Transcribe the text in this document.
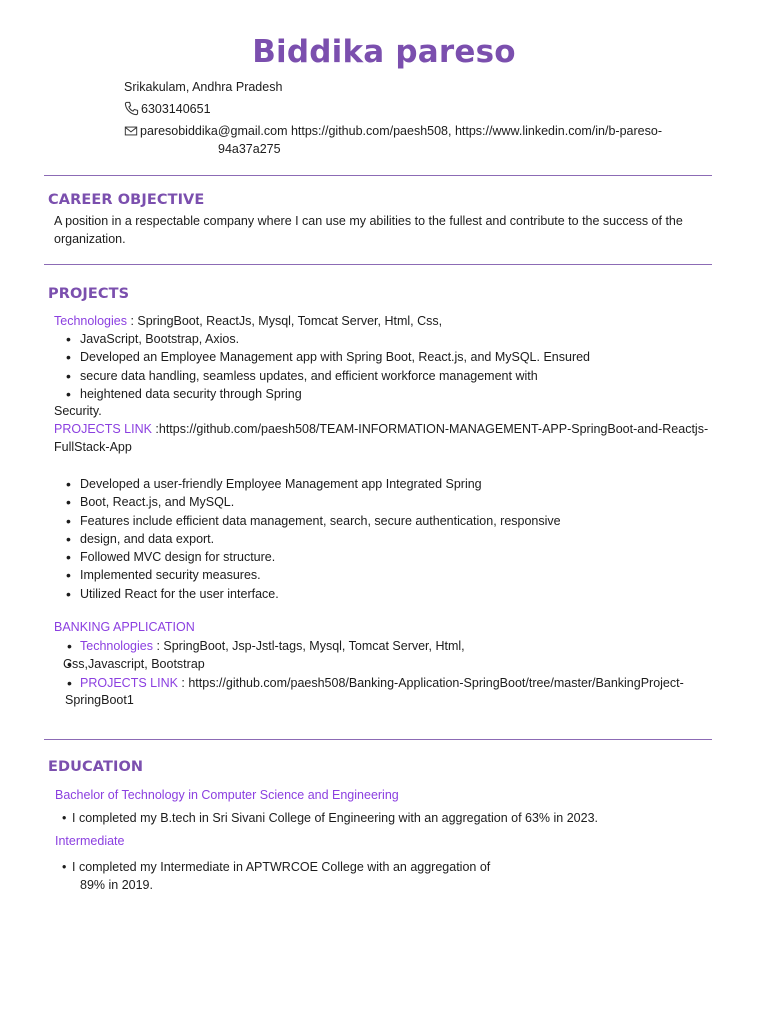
Biddika pareso
Srikakulam, Andhra Pradesh
6303140651
paresobiddika@gmail.com https://github.com/paesh508, https://www.linkedin.com/in/b-pareso-
94a37a275
CAREER OBJECTIVE
A position in a respectable company where I can use my abilities to the fullest and contribute to the success of the
organization.
PROJECTS
Technologies : SpringBoot, ReactJs, Mysql, Tomcat Server, Html, Css,
• JavaScript, Bootstrap, Axios.
• Developed an Employee Management app with Spring Boot, React.js, and MySQL. Ensured
• secure data handling, seamless updates, and efficient workforce management with
• heightened data security through Spring
Security.
PROJECTS LINK :https://github.com/paesh508/TEAM-INFORMATION-MANAGEMENT-APP-SpringBoot-and-Reactjs-
FullStack-App
• Developed a user-friendly Employee Management app Integrated Spring
• Boot, React.js, and MySQL.
• Features include efficient data management, search, secure authentication, responsive
• design, and data export.
• Followed MVC design for structure.
• Implemented security measures.
• Utilized React for the user interface.
BANKING APPLICATION
• Technologies : SpringBoot, Jsp-Jstl-tags, Mysql, Tomcat Server, Html,
• Css,Javascript, Bootstrap

• PROJECTS LINK : https://github.com/paesh508/Banking-Application-SpringBoot/tree/master/BankingProject-
SpringBoot1
EDUCATION
Bachelor of Technology in Computer Science and Engineering
• I completed my B.tech in Sri Sivani College of Engineering with an aggregation of 63% in 2023.
Intermediate
• I completed my Intermediate in APTWRCOE College with an aggregation of
89% in 2019.
